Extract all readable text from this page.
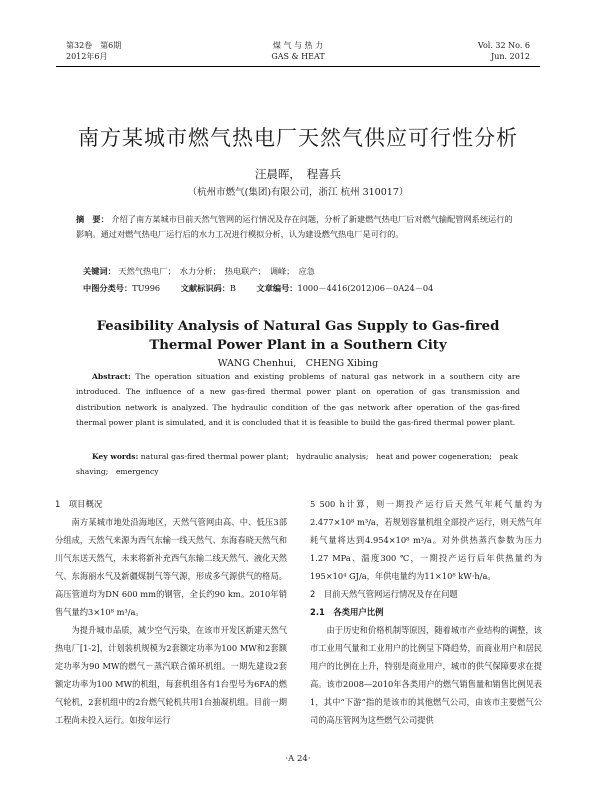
第32卷　第6期
2012年6月
煤 气 与 热 力
GAS & HEAT
Vol. 32 No. 6
Jun. 2012
南方某城市燃气热电厂天然气供应可行性分析
汪晨晖，　程喜兵
（杭州市燃气(集团)有限公司，浙江 杭州 310017）
摘　要： 介绍了南方某城市目前天然气管网的运行情况及存在问题，分析了新建燃气热电厂后对燃气输配管网系统运行的影响。通过对燃气热电厂运行后的水力工况进行模拟分析，认为建设燃气热电厂是可行的。
关键词： 天然气热电厂；　水力分析；　热电联产；　调峰；　应急
中图分类号：TU996	文献标识码：B	文章编号：1000－4416(2012)06－0A24－04
Feasibility Analysis of Natural Gas Supply to Gas-fired
Thermal Power Plant in a Southern City
WANG Chenhui,　CHENG Xibing
Abstract: The operation situation and existing problems of natural gas network in a southern city are introduced. The influence of a new gas-fired thermal power plant on operation of gas transmission and distribution network is analyzed. The hydraulic condition of the gas network after operation of the gas-fired thermal power plant is simulated, and it is concluded that it is feasible to build the gas-fired thermal power plant.
Key words: natural gas-fired thermal power plant;　hydraulic analysis;　heat and power cogeneration;　peak shaving;　emergency
1　项目概况
南方某城市地处沿海地区，天然气管网由高、中、低压3部分组成，天然气来源为西气东输一线天然气、东海春晓天然气和川气东送天然气，未来将新补充西气东输二线天然气、液化天然气、东海丽水气及新疆煤制气等气源，形成多气源供气的格局。高压管道均为DN 600 mm的钢管，全长约90 km。2010年销售气量约3×10⁸ m³/a。
为提升城市品质，减少空气污染，在该市开发区新建天然气热电厂[1-2]，计划装机规模为2套额定功率为100 MW和2套额定功率为90 MW的燃气－蒸汽联合循环机组。一期先建设2套额定功率为100 MW的机组，每套机组各有1台型号为6FA的燃气轮机，2套机组中的2台燃气轮机共用1台抽凝机组。目前一期工程尚未投入运行。如按年运行
5 500 h计算，则一期投产运行后天然气年耗气量约为2.477×10⁸ m³/a，若规划容量机组全部投产运行，则天然气年耗气量将达到4.954×10⁸ m³/a。对外供热蒸汽参数为压力1.27 MPa、温度300 ℃，一期投产运行后年供热量约为195×10⁴ GJ/a，年供电量约为11×10⁸ kW·h/a。
2　目前天然气管网运行情况及存在问题
2.1　各类用户比例
由于历史和价格机制等原因，随着城市产业结构的调整，该市工业用气量和工业用户的比例呈下降趋势，而商业用户和居民用户的比例在上升，特别是商业用户，城市的供气保障要求在提高。该市2008—2010年各类用户的燃气销售量和销售比例见表1，其中“下游”指的是该市的其他燃气公司，由该市主要燃气公司的高压管网为这些燃气公司提供
·A 24·
